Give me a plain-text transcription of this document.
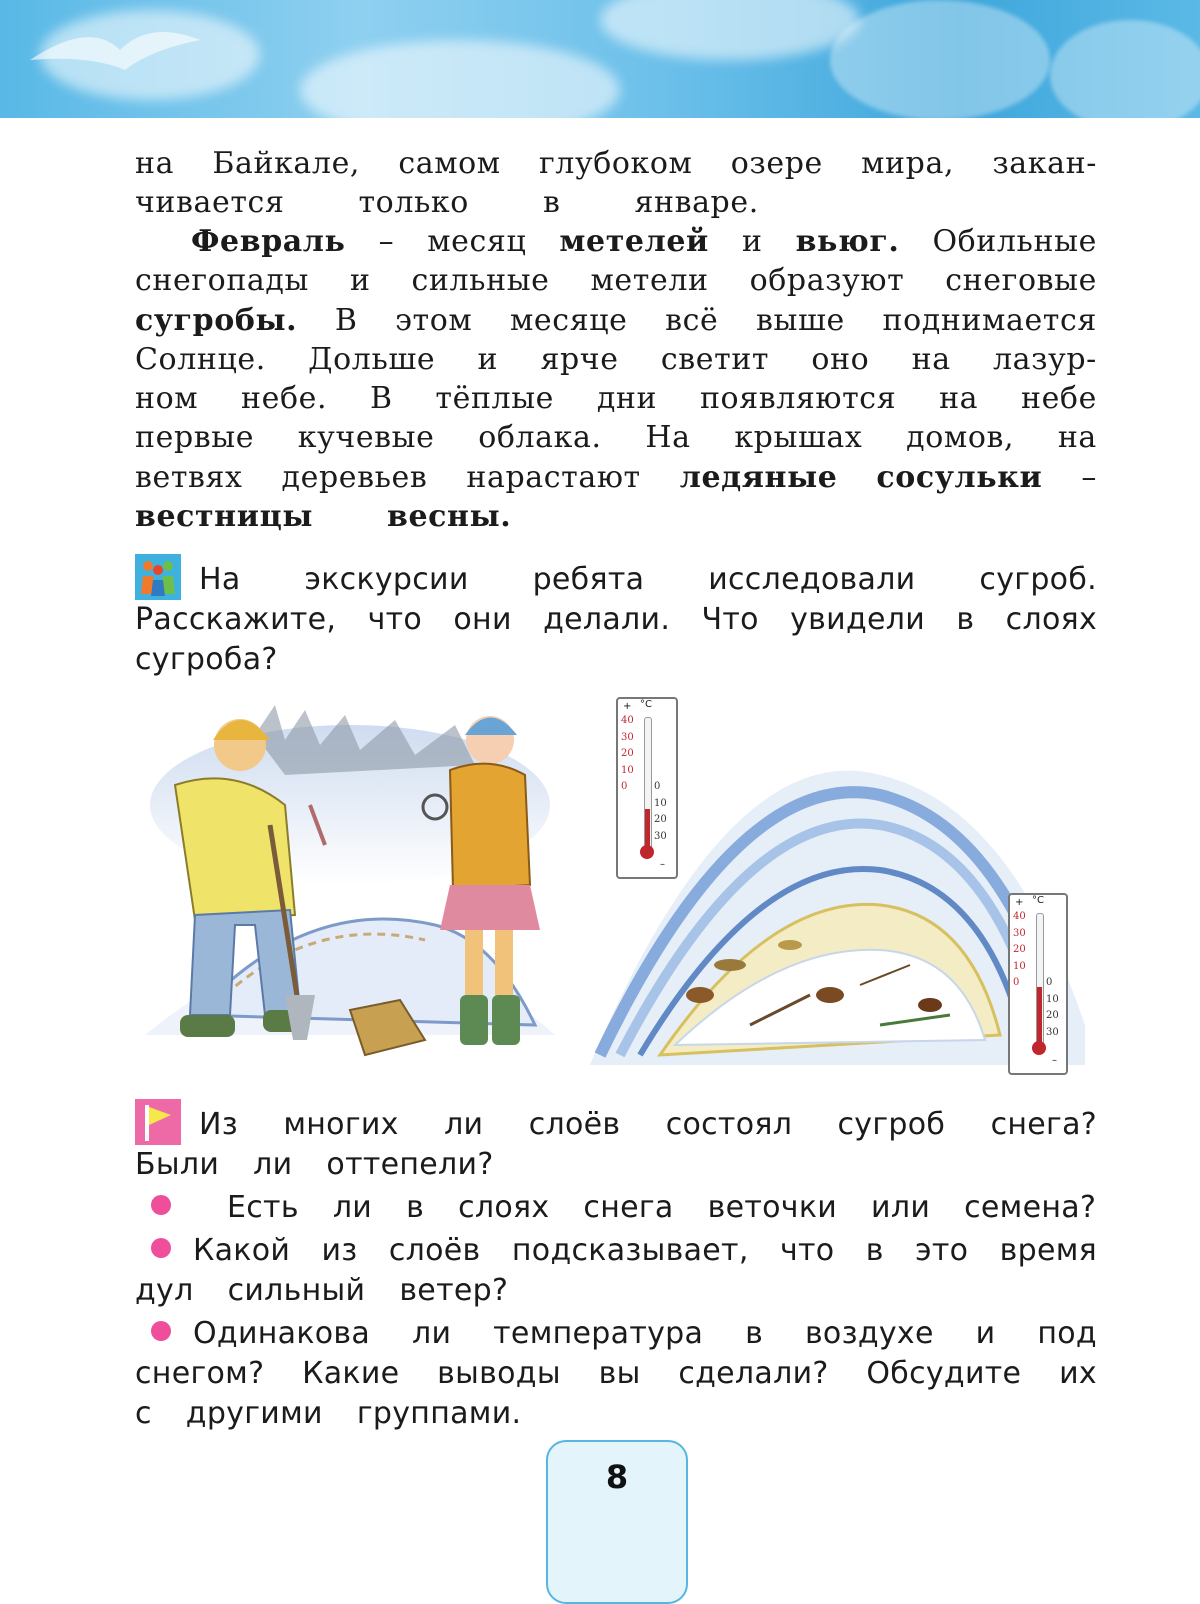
на Байкале, самом глубоком озере мира, закан-
чивается только в январе.
Февраль – месяц метелей и вьюг. Обильные
снегопады и сильные метели образуют снеговые
сугробы. В этом месяце всё выше поднимается
Солнце. Дольше и ярче светит оно на лазур-
ном небе. В тёплые дни появляются на небе
первые кучевые облака. На крышах домов, на
ветвях деревьев нарастают ледяные сосульки –
вестницы весны.
На экскурсии ребята исследовали сугроб.
Расскажите, что они делали. Что увидели в слоях
сугроба?
+ °C
40
30
20
10
0	0
10
20
30
–
+ °C
40
30
20
10
0	0
10
20
30
–
Из многих ли слоёв состоял сугроб снега?
Были ли оттепели?
Есть ли в слоях снега веточки или семена?
Какой из слоёв подсказывает, что в это время
дул сильный ветер?
Одинакова ли температура в воздухе и под
снегом? Какие выводы вы сделали? Обсудите их
с другими группами.
8
